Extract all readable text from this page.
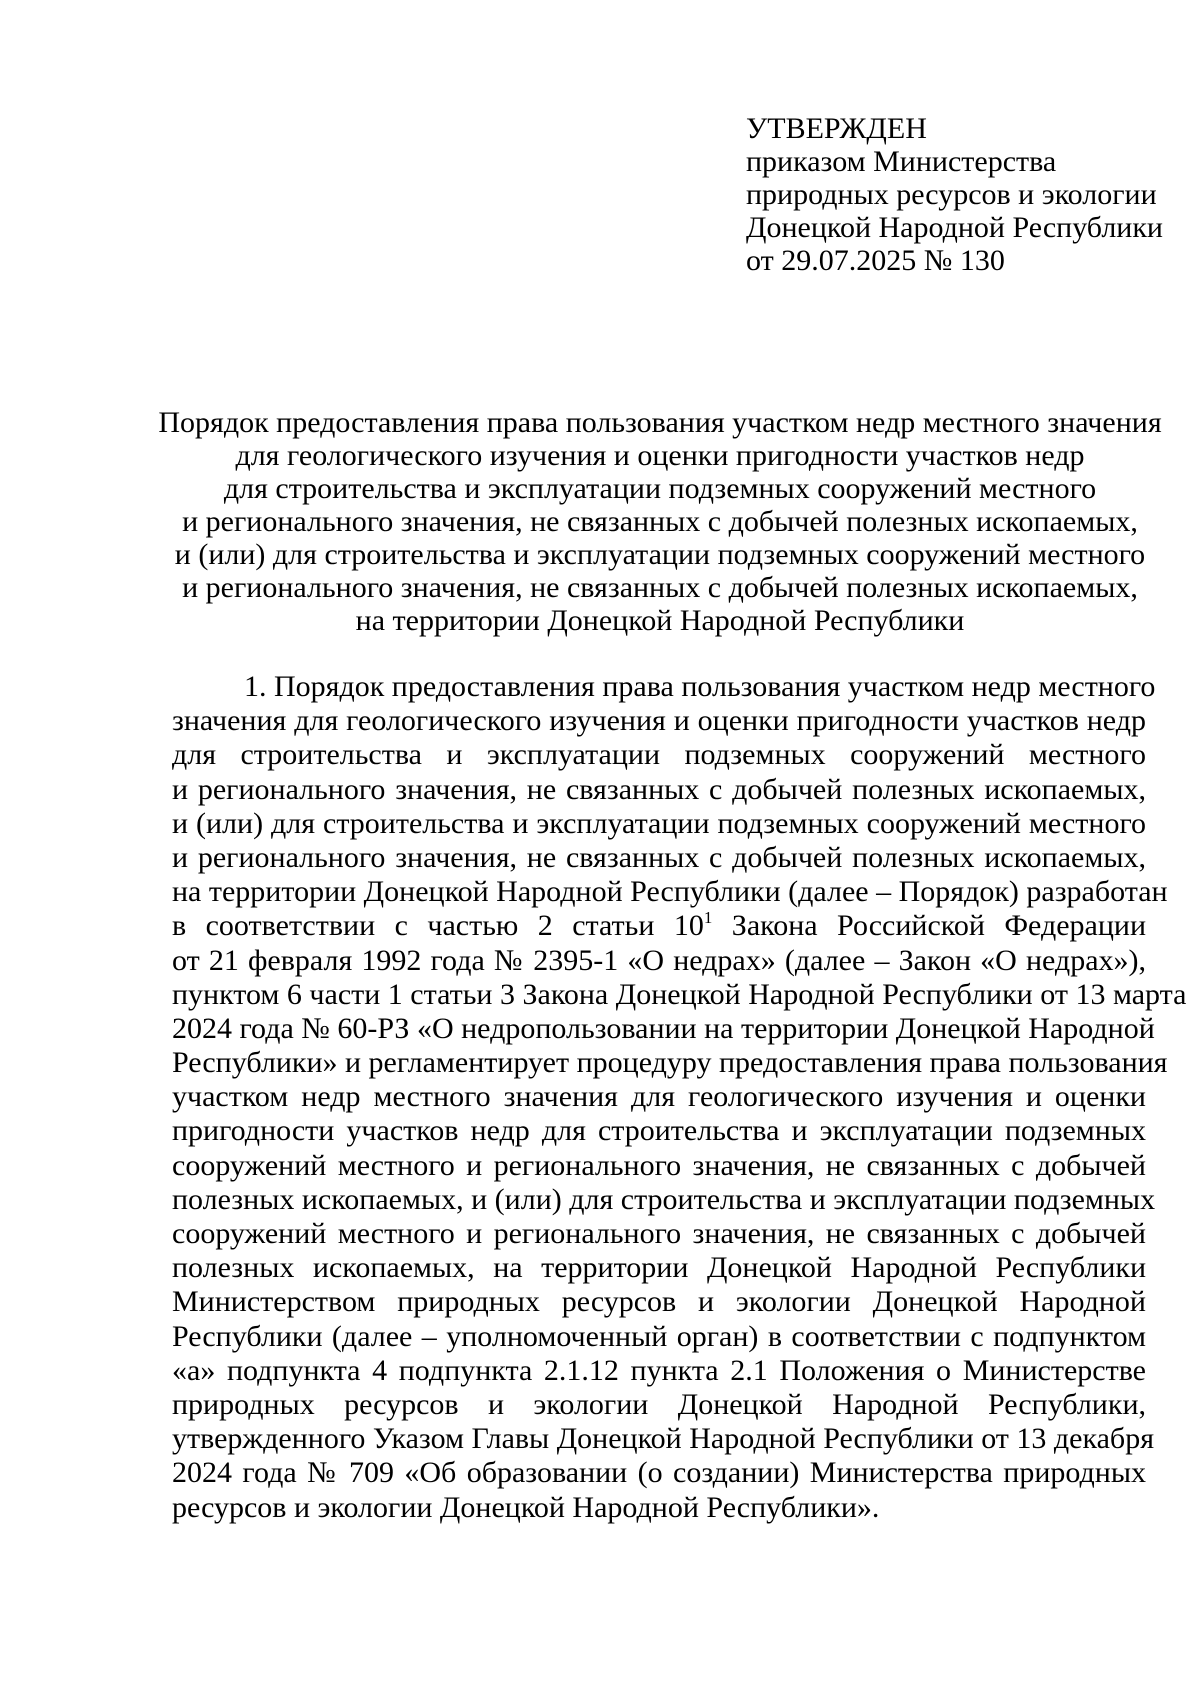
УТВЕРЖДЕН
приказом Министерства
природных ресурсов и экологии
Донецкой Народной Республики
от 29.07.2025 № 130
Порядок предоставления права пользования участком недр местного значения
для геологического изучения и оценки пригодности участков недр
для строительства и эксплуатации подземных сооружений местного
и регионального значения, не связанных с добычей полезных ископаемых,
и (или) для строительства и эксплуатации подземных сооружений местного
и регионального значения, не связанных с добычей полезных ископаемых,
на территории Донецкой Народной Республики
1. Порядок предоставления права пользования участком недр местного
значения для геологического изучения и оценки пригодности участков недр
для строительства и эксплуатации подземных сооружений местного
и регионального значения, не связанных с добычей полезных ископаемых,
и (или) для строительства и эксплуатации подземных сооружений местного
и регионального значения, не связанных с добычей полезных ископаемых,
на территории Донецкой Народной Республики (далее – Порядок) разработан
в соответствии с частью 2 статьи $10^1$ Закона Российской Федерации
от 21 февраля 1992 года № 2395-1 «О недрах» (далее – Закон «О недрах»),
пунктом 6 части 1 статьи 3 Закона Донецкой Народной Республики от 13 марта
2024 года № 60-РЗ «О недропользовании на территории Донецкой Народной
Республики» и регламентирует процедуру предоставления права пользования
участком недр местного значения для геологического изучения и оценки
пригодности участков недр для строительства и эксплуатации подземных
сооружений местного и регионального значения, не связанных с добычей
полезных ископаемых, и (или) для строительства и эксплуатации подземных
сооружений местного и регионального значения, не связанных с добычей
полезных ископаемых, на территории Донецкой Народной Республики
Министерством природных ресурсов и экологии Донецкой Народной
Республики (далее – уполномоченный орган) в соответствии с подпунктом
«а» подпункта 4 подпункта 2.1.12 пункта 2.1 Положения о Министерстве
природных ресурсов и экологии Донецкой Народной Республики,
утвержденного Указом Главы Донецкой Народной Республики от 13 декабря
2024 года № 709 «Об образовании (о создании) Министерства природных
ресурсов и экологии Донецкой Народной Республики».
